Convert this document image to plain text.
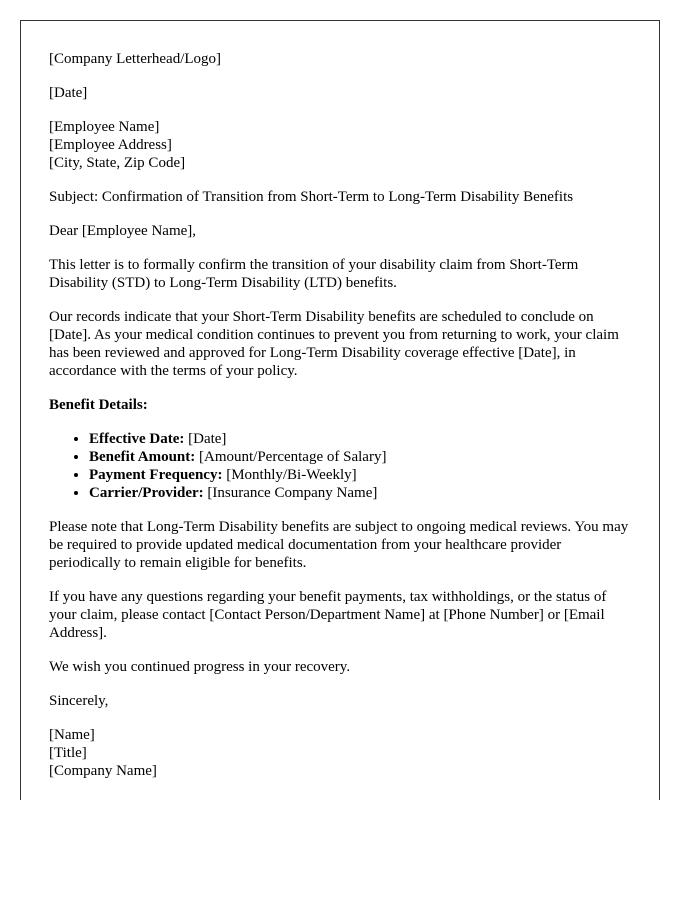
[Company Letterhead/Logo]

[Date]

[Employee Name]
[Employee Address]
[City, State, Zip Code]

Subject: Confirmation of Transition from Short-Term to Long-Term Disability Benefits

Dear [Employee Name],

This letter is to formally confirm the transition of your disability claim from Short-Term Disability (STD) to Long-Term Disability (LTD) benefits.

Our records indicate that your Short-Term Disability benefits are scheduled to conclude on [Date]. As your medical condition continues to prevent you from returning to work, your claim has been reviewed and approved for Long-Term Disability coverage effective [Date], in accordance with the terms of your policy.

Benefit Details:

• Effective Date: [Date]
• Benefit Amount: [Amount/Percentage of Salary]
• Payment Frequency: [Monthly/Bi-Weekly]
• Carrier/Provider: [Insurance Company Name]

Please note that Long-Term Disability benefits are subject to ongoing medical reviews. You may be required to provide updated medical documentation from your healthcare provider periodically to remain eligible for benefits.

If you have any questions regarding your benefit payments, tax withholdings, or the status of your claim, please contact [Contact Person/Department Name] at [Phone Number] or [Email Address].

We wish you continued progress in your recovery.

Sincerely,

[Name]
[Title]
[Company Name]
